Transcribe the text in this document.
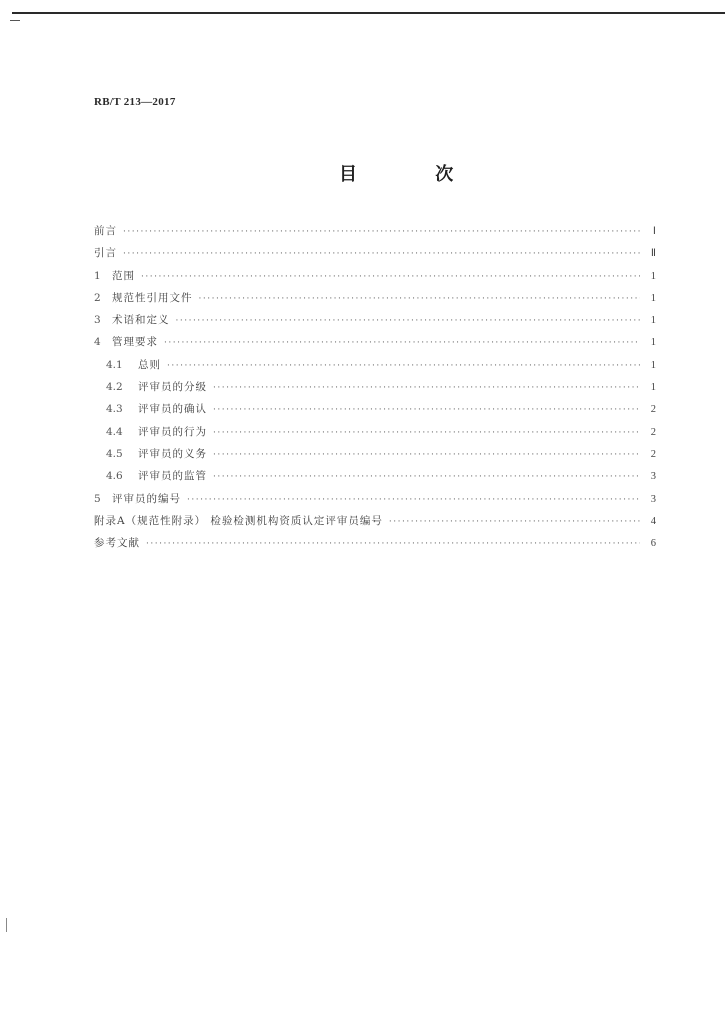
RB/T 213—2017
目 次
前言 ·····	Ⅰ
引言 ·····	Ⅱ
1	范围 ·····	1
2	规范性引用文件 ·····	1
3	术语和定义 ·····	1
4	管理要求 ·····	1
4.1	总则 ·····	1
4.2	评审员的分级 ·····	1
4.3	评审员的确认 ·····	2
4.4	评审员的行为 ·····	2
4.5	评审员的义务 ·····	2
4.6	评审员的监管 ·····	3
5	评审员的编号 ·····	3
附录A（规范性附录） 检验检测机构资质认定评审员编号 ·····	4
参考文献 ·····	6
